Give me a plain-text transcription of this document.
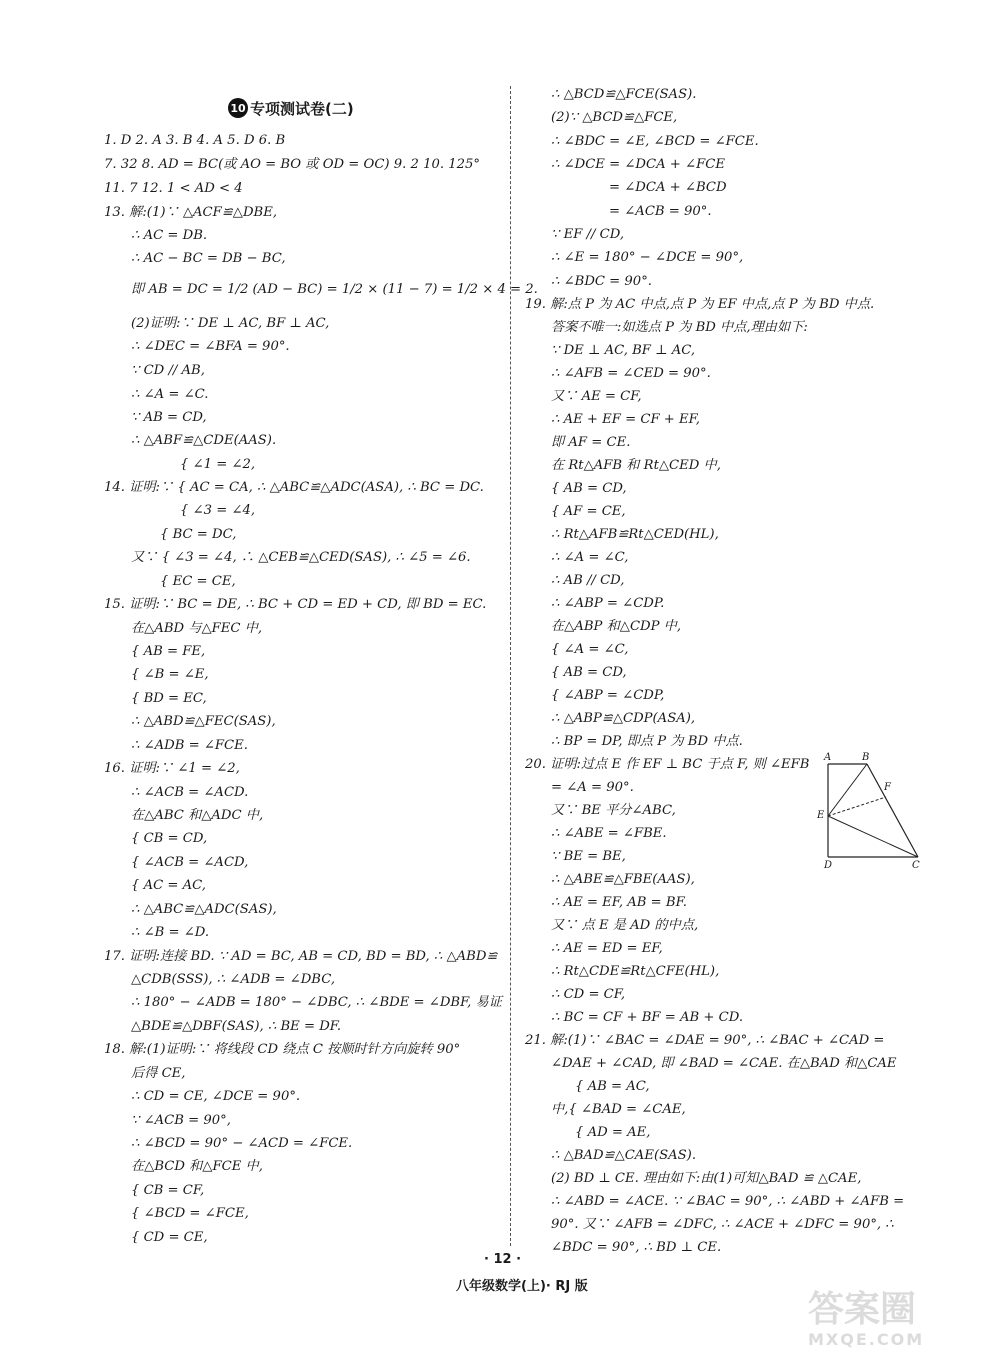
10 专项测试卷(二)
1. D 2. A 3. B 4. A 5. D 6. B
7. 32 8. AD = BC(或 AO = BO 或 OD = OC) 9. 2 10. 125°
11. 7 12. 1 < AD < 4
13. 解:(1)∵ △ACF≌△DBE,
∴ AC = DB.
∴ AC − BC = DB − BC,
即 AB = DC = 1/2 (AD − BC) = 1/2 × (11 − 7) = 1/2 × 4 = 2.
(2)证明:∵ DE ⊥ AC, BF ⊥ AC,
∴ ∠DEC = ∠BFA = 90°.
∵ CD // AB,
∴ ∠A = ∠C.
∵ AB = CD,
∴ △ABF≌△CDE(AAS).
{ ∠1 = ∠2,
14. 证明:∵ { AC = CA, ∴ △ABC≌△ADC(ASA), ∴ BC = DC.
{ ∠3 = ∠4,
{ BC = DC,
又∵ { ∠3 = ∠4, ∴ △CEB≌△CED(SAS), ∴ ∠5 = ∠6.
{ EC = CE,
15. 证明:∵ BC = DE, ∴ BC + CD = ED + CD, 即 BD = EC.
在△ABD 与△FEC 中,
{ AB = FE,
{ ∠B = ∠E,
{ BD = EC,
∴ △ABD≌△FEC(SAS),
∴ ∠ADB = ∠FCE.
16. 证明:∵ ∠1 = ∠2,
∴ ∠ACB = ∠ACD.
在△ABC 和△ADC 中,
{ CB = CD,
{ ∠ACB = ∠ACD,
{ AC = AC,
∴ △ABC≌△ADC(SAS),
∴ ∠B = ∠D.
17. 证明:连接 BD. ∵ AD = BC, AB = CD, BD = BD, ∴ △ABD≌
△CDB(SSS), ∴ ∠ADB = ∠DBC,
∴ 180° − ∠ADB = 180° − ∠DBC, ∴ ∠BDE = ∠DBF, 易证
△BDE≌△DBF(SAS), ∴ BE = DF.
18. 解:(1)证明:∵ 将线段 CD 绕点 C 按顺时针方向旋转 90°
后得 CE,
∴ CD = CE, ∠DCE = 90°.
∵ ∠ACB = 90°,
∴ ∠BCD = 90° − ∠ACD = ∠FCE.
在△BCD 和△FCE 中,
{ CB = CF,
{ ∠BCD = ∠FCE,
{ CD = CE,
∴ △BCD≌△FCE(SAS).
(2)∵ △BCD≌△FCE,
∴ ∠BDC = ∠E, ∠BCD = ∠FCE.
∴ ∠DCE = ∠DCA + ∠FCE
= ∠DCA + ∠BCD
= ∠ACB = 90°.
∵ EF // CD,
∴ ∠E = 180° − ∠DCE = 90°,
∴ ∠BDC = 90°.
19. 解:点 P 为 AC 中点,点 P 为 EF 中点,点 P 为 BD 中点.
答案不唯一:如选点 P 为 BD 中点,理由如下:
∵ DE ⊥ AC, BF ⊥ AC,
∴ ∠AFB = ∠CED = 90°.
又∵ AE = CF,
∴ AE + EF = CF + EF,
即 AF = CE.
在 Rt△AFB 和 Rt△CED 中,
{ AB = CD,
{ AF = CE,
∴ Rt△AFB≌Rt△CED(HL),
∴ ∠A = ∠C,
∴ AB // CD,
∴ ∠ABP = ∠CDP.
在△ABP 和△CDP 中,
{ ∠A = ∠C,
{ AB = CD,
{ ∠ABP = ∠CDP,
∴ △ABP≌△CDP(ASA),
∴ BP = DP, 即点 P 为 BD 中点.
20. 证明:过点 E 作 EF ⊥ BC 于点 F, 则 ∠EFB
= ∠A = 90°.
又∵ BE 平分∠ABC,
∴ ∠ABE = ∠FBE.
∵ BE = BE,
∴ △ABE≌△FBE(AAS),
∴ AE = EF, AB = BF.
又∵ 点 E 是 AD 的中点,
∴ AE = ED = EF,
∴ Rt△CDE≌Rt△CFE(HL),
∴ CD = CF,
∴ BC = CF + BF = AB + CD.
21. 解:(1)∵ ∠BAC = ∠DAE = 90°, ∴ ∠BAC + ∠CAD =
∠DAE + ∠CAD, 即 ∠BAD = ∠CAE. 在△BAD 和△CAE
{ AB = AC,
中,{ ∠BAD = ∠CAE,
{ AD = AE,
∴ △BAD≌△CAE(SAS).
(2) BD ⊥ CE. 理由如下:由(1)可知△BAD ≌ △CAE,
∴ ∠ABD = ∠ACE. ∵ ∠BAC = 90°, ∴ ∠ABD + ∠AFB =
90°. 又∵ ∠AFB = ∠DFC, ∴ ∠ACE + ∠DFC = 90°, ∴
∠BDC = 90°, ∴ BD ⊥ CE.
A	B
F
E
D	C
· 12 ·
八年级数学(上)· RJ 版
答案圈
MXQE.COM
